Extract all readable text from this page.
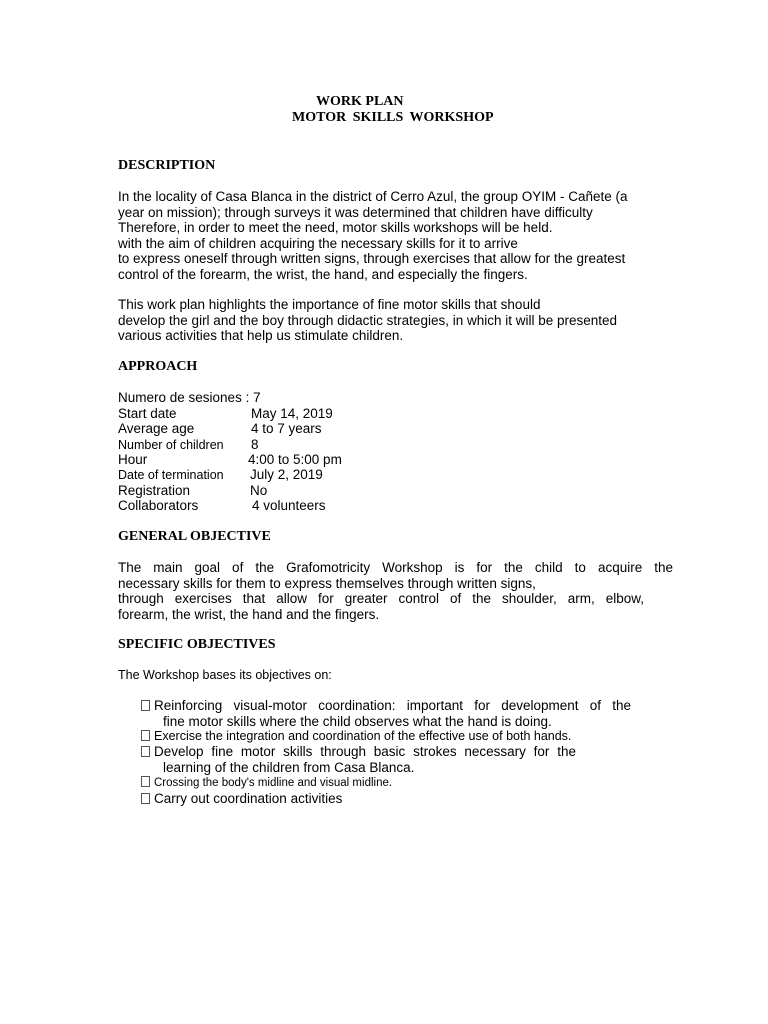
WORK PLAN
MOTOR SKILLS WORKSHOP
DESCRIPTION
In the locality of Casa Blanca in the district of Cerro Azul, the group OYIM - Cañete (a
year on mission); through surveys it was determined that children have difficulty
Therefore, in order to meet the need, motor skills workshops will be held.
with the aim of children acquiring the necessary skills for it to arrive
to express oneself through written signs, through exercises that allow for the greatest
control of the forearm, the wrist, the hand, and especially the fingers.
This work plan highlights the importance of fine motor skills that should
develop the girl and the boy through didactic strategies, in which it will be presented
various activities that help us stimulate children.
APPROACH
Numero de sesiones : 7
Start date	May 14, 2019
Average age	4 to 7 years
Number of children 8
Hour	4:00 to 5:00 pm
Date of termination July 2, 2019
Registration	No
Collaborators	4 volunteers
GENERAL OBJECTIVE
The main goal of the Grafomotricity Workshop is for the child to acquire the
necessary skills for them to express themselves through written signs,
through exercises that allow for greater control of the shoulder, arm, elbow,
forearm, the wrist, the hand and the fingers.
SPECIFIC OBJECTIVES
The Workshop bases its objectives on:
Reinforcing visual-motor coordination: important for development of the
fine motor skills where the child observes what the hand is doing.
Exercise the integration and coordination of the effective use of both hands.
Develop fine motor skills through basic strokes necessary for the
learning of the children from Casa Blanca.
Crossing the body's midline and visual midline.
Carry out coordination activities
